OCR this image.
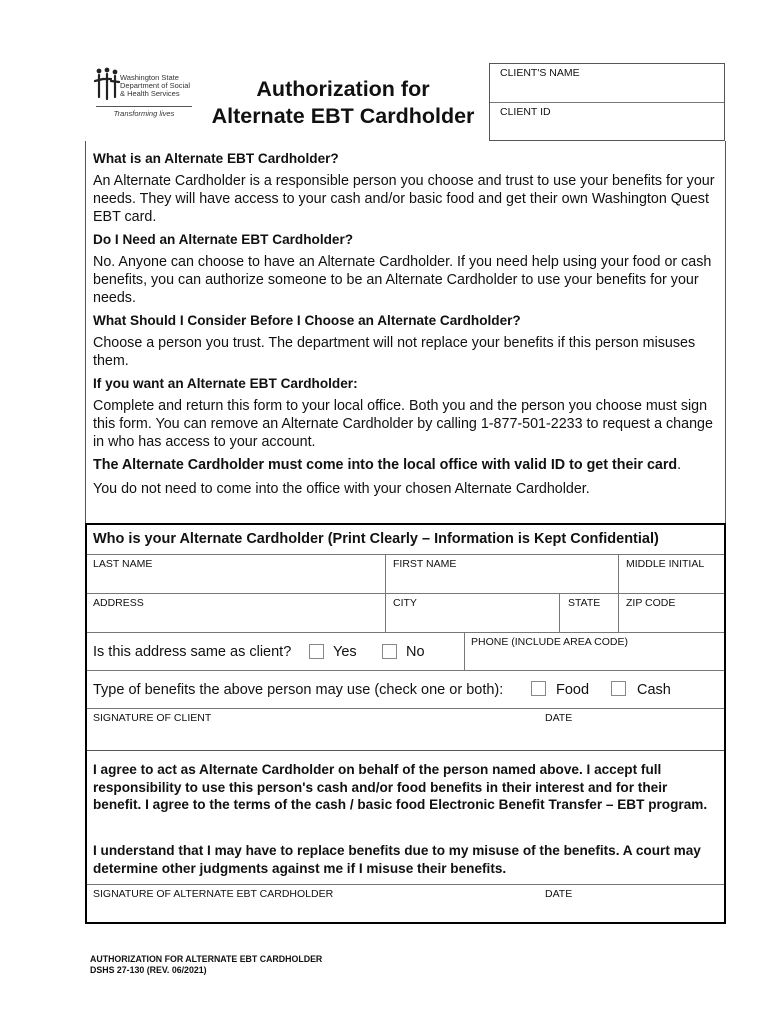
Washington State
Department of Social
& Health Services
Transforming lives
Authorization for
Alternate EBT Cardholder
CLIENT'S NAME
CLIENT ID

What is an Alternate EBT Cardholder?

An Alternate Cardholder is a responsible person you choose and trust to use your benefits for your needs. They will have access to your cash and/or basic food and get their own Washington Quest EBT card.

Do I Need an Alternate EBT Cardholder?

No. Anyone can choose to have an Alternate Cardholder. If you need help using your food or cash benefits, you can authorize someone to be an Alternate Cardholder to use your benefits for your needs.

What Should I Consider Before I Choose an Alternate Cardholder?

Choose a person you trust. The department will not replace your benefits if this person misuses them.

If you want an Alternate EBT Cardholder:

Complete and return this form to your local office. Both you and the person you choose must sign this form. You can remove an Alternate Cardholder by calling 1-877-501-2233 to request a change in who has access to your account.

The Alternate Cardholder must come into the local office with valid ID to get their card.

You do not need to come into the office with your chosen Alternate Cardholder.

Who is your Alternate Cardholder (Print Clearly – Information is Kept Confidential)
LAST NAME	FIRST NAME	MIDDLE INITIAL
ADDRESS	CITY	STATE ZIP CODE
Is this address same as client?	Yes	No
PHONE (INCLUDE AREA CODE)
Type of benefits the above person may use (check one or both):	Food	Cash
SIGNATURE OF CLIENT	DATE

I agree to act as Alternate Cardholder on behalf of the person named above. I accept full responsibility to use this person's cash and/or food benefits in their interest and for their benefit. I agree to the terms of the cash / basic food Electronic Benefit Transfer – EBT program.

I understand that I may have to replace benefits due to my misuse of the benefits. A court may determine other judgments against me if I misuse their benefits.

SIGNATURE OF ALTERNATE EBT CARDHOLDER	DATE
AUTHORIZATION FOR ALTERNATE EBT CARDHOLDER
DSHS 27-130 (REV. 06/2021)
